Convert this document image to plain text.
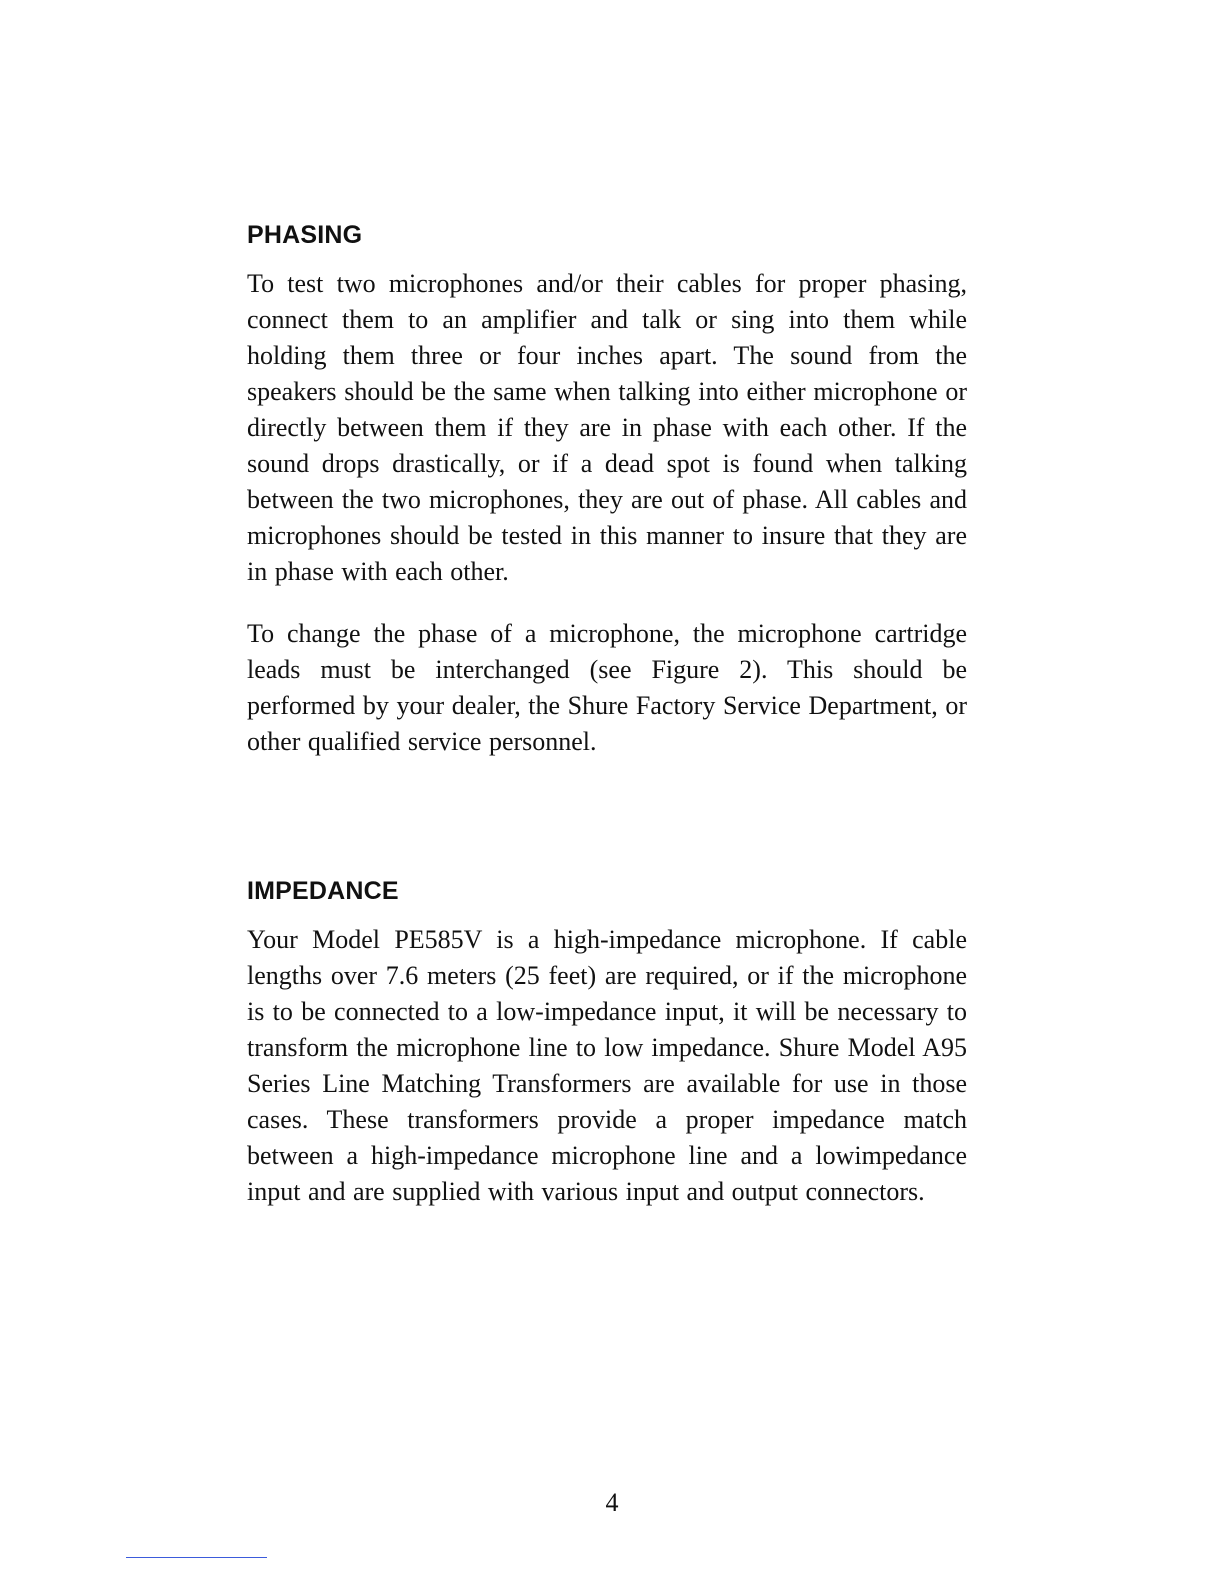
PHASING

To test two microphones and/or their cables for proper phasing, connect them to an amplifier and talk or sing into them while holding them three or four inches apart. The sound from the speakers should be the same when talking into either microphone or directly between them if they are in phase with each other. If the sound drops drastically, or if a dead spot is found when talking between the two microphones, they are out of phase. All cables and microphones should be tested in this manner to insure that they are in phase with each other.

To change the phase of a microphone, the microphone cartridge leads must be interchanged (see Figure 2). This should be performed by your dealer, the Shure Factory Service Department, or other qualified service personnel.

IMPEDANCE

Your Model PE585V is a high-impedance microphone. If cable lengths over 7.6 meters (25 feet) are required, or if the microphone is to be connected to a low-impedance input, it will be necessary to transform the microphone line to low impedance. Shure Model A95 Series Line Matching Transformers are available for use in those cases. These transformers provide a proper impedance match between a high-impedance microphone line and a lowimpedance input and are supplied with various input and output connectors.

4
